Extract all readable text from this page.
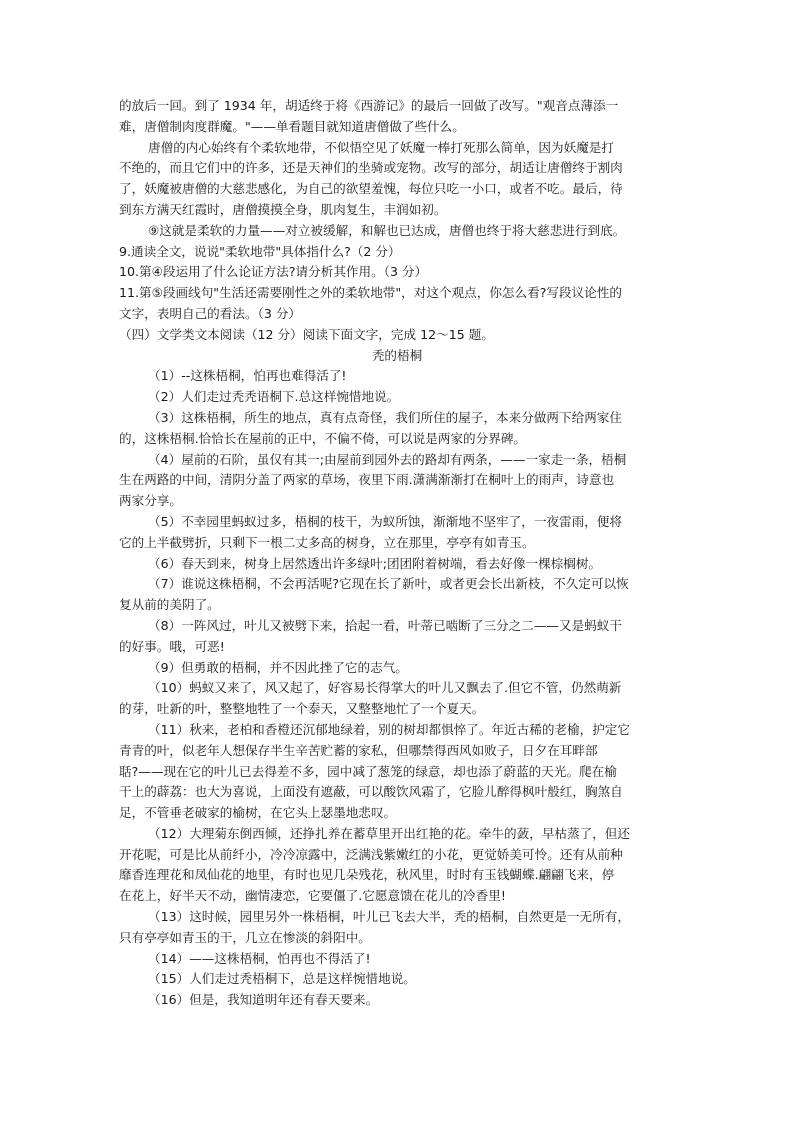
的放后一回。到了 1934 年，胡适终于将《西游记》的最后一回做了改写。"观音点薄添一
难，唐僧制肉度群魔。"——单看题目就知道唐僧做了些什么。
唐僧的内心始终有个柔软地带，不似悟空见了妖魔一棒打死那么简单，因为妖魔是打
不绝的，而且它们中的许多，还是天神们的坐骑或宠物。改写的部分，胡适让唐僧终于割肉
了，妖魔被唐僧的大慈悲感化，为自己的欲望羞愧，每位只吃一小口，或者不吃。最后，待
到东方满天红霞时，唐僧摸摸全身，肌肉复生，丰润如初。
⑨这就是柔软的力量——对立被缓解，和解也已达成，唐僧也终于将大慈悲进行到底。
9.通读全文，说说"柔软地带"具体指什么?（2 分）
10.第④段运用了什么论证方法?请分析其作用。（3 分）
11.第⑤段画线句"生活还需要刚性之外的柔软地带"，对这个观点，你怎么看?写段议论性的
文字，表明自己的看法。（3 分）
（四）文学类文本阅读（12 分）阅读下面文字，完成 12～15 题。
秃的梧桐
（1）--这株梧桐，怕再也难得活了!
（2）人们走过秃秃语桐下.总这样惋惜地说。
（3）这株梧桐，所生的地点，真有点奇怪，我们所住的屋子，本来分做两下给两家住
的，这株梧桐.恰恰长在屋前的正中，不偏不倚，可以说是两家的分界碑。
（4）屋前的石阶，虽仅有其一;由屋前到园外去的路却有两条，——一家走一条，梧桐
生在两路的中间，清阴分盖了两家的草场，夜里下雨.潇满渐渐打在桐叶上的雨声，诗意也
两家分享。
（5）不幸园里蚂蚁过多，梧桐的枝干，为蚁所蚀，渐渐地不坚牢了，一夜雷雨，便将
它的上半截劈折，只剩下一根二丈多高的树身，立在那里，亭亭有如青玉。
（6）春天到来，树身上居然透出许多绿叶;团团附着树端，看去好像一棵棕榈树。
（7）谁说这株梧桐，不会再活呢?它现在长了新叶，或者更会长出新枝，不久定可以恢
复从前的美阴了。
（8）一阵风过，叶儿又被劈下来，拾起一看，叶蒂已啮断了三分之二——又是蚂蚁干
的好事。哦，可恶!
（9）但勇敢的梧桐，并不因此挫了它的志气。
（10）蚂蚁又来了，风又起了，好容易长得掌大的叶儿又飘去了.但它不管，仍然萌新
的芽，吐新的叶，整整地牲了一个泰天，又整整地忙了一个夏天。
（11）秋来，老柏和香橙还沉郁地绿着，别的树却都惧悴了。年近古稀的老榆，护定它
青青的叶，似老年人想保存半生辛苦贮蓄的家私，但哪禁得西风如败子，日夕在耳畔部
聒?——现在它的叶儿已去得差不多，园中减了葱笼的绿意，却也添了蔚蓝的天光。爬在榆
干上的薜荔：也大为喜说，上面没有遮蔽，可以酸饮风霜了，它脸儿醉得枫叶般红，胸煞自
足，不管垂老破家的榆树，在它头上瑟墨地悲叹。
（12）大理菊东倒西倾，还挣扎养在蓄草里开出红艳的花。牵牛的蔹，早枯蒸了，但还
开花呢，可是比从前纤小，冷冷凉露中，泛满浅紫嫩红的小花，更觉娇美可怜。还有从前种
靡香连理花和凤仙花的地里，有时也见几朵残花，秋风里，时时有玉钱蝴蝶.翩翩飞来，停
在花上，好半天不动，幽情凄恋，它要僵了.它愿意馈在花儿的冷香里!
（13）这时候，园里另外一株梧桐，叶儿已飞去大半，秃的梧桐，自然更是一无所有，
只有亭亭如青玉的干，几立在惨淡的斜阳中。
（14）——这株梧桐，怕再也不得活了!
（15）人们走过秃梧桐下，总是这样惋惜地说。
（16）但是，我知道明年还有春天要来。
